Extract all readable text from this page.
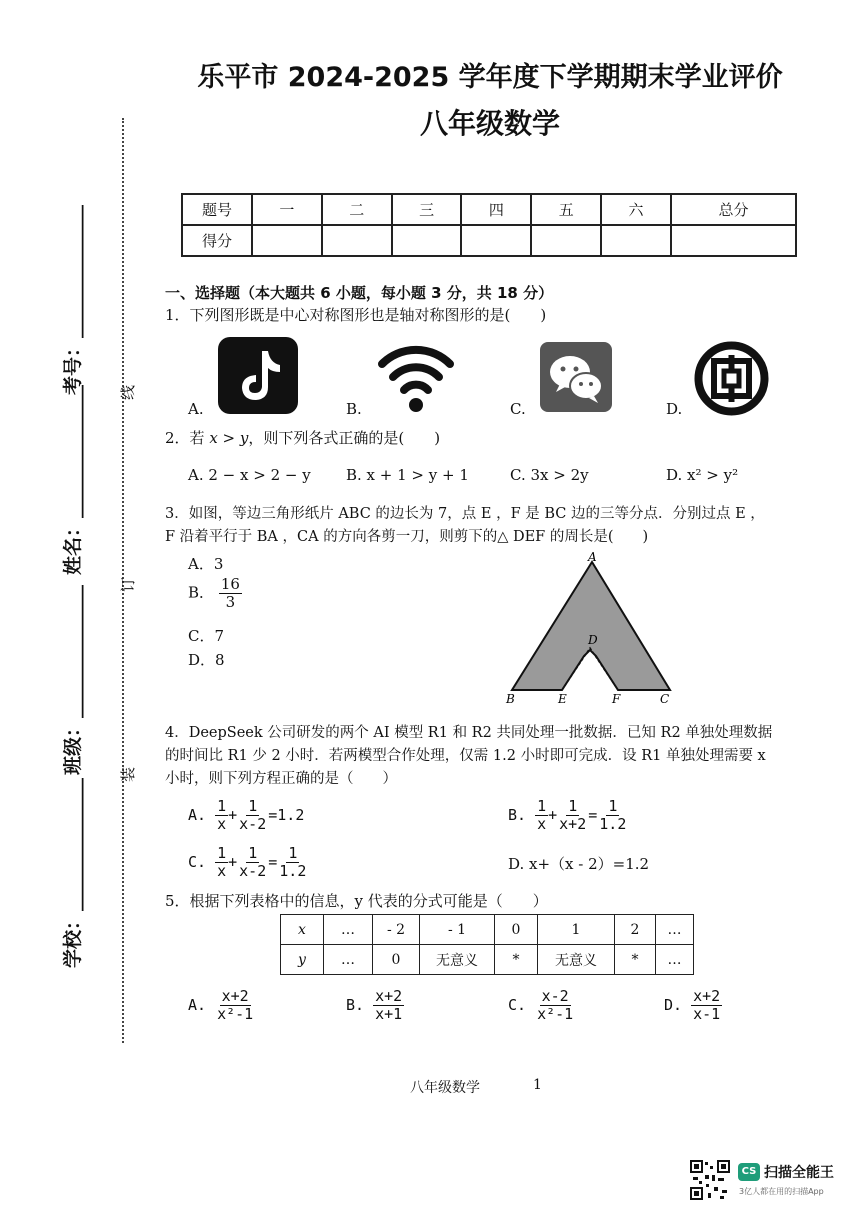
乐平市 2024-2025 学年度下学期期末学业评价
八年级数学
学校：______________
班级：______________
姓名：______________
考号：______________
装
订
线
题号	一	二	三	四	五	六	总分
得分							
一、选择题（本大题共 6 小题，每小题 3 分，共 18 分）
1．下列图形既是中心对称图形也是轴对称图形的是(　　)
A.	B.	C.	D.
2．若 x > y，则下列各式正确的是(　　)
A. 2 − x > 2 − y B. x + 1 > y + 1	C. 3x > 2y	D. x² > y²
3．如图，等边三角形纸片 ABC 的边长为 7，点 E ，F 是 BC 边的三等分点．分别过点 E ，
F 沿着平行于 BA ，CA 的方向各剪一刀，则剪下的△ DEF 的周长是(　　)
A．3
B． $\frac{16}{3}$
C．7
D．8
A
B	C
D
E	F
4．DeepSeek 公司研发的两个 AI 模型 R1 和 R2 共同处理一批数据．已知 R2 单独处理数据
的时间比 R1 少 2 小时．若两模型合作处理，仅需 1.2 小时即可完成．设 R1 单独处理需要 x
小时，则下列方程正确的是（　　）
A. $\frac{1}{x} + \frac{1}{x-2} =1.2$	B. $\frac{1}{x} + \frac{1}{x+2} = \frac{1}{1.2}$
C. $\frac{1}{x} + \frac{1}{x-2} = \frac{1}{1.2}$	D. x+（x - 2）=1.2
5．根据下列表格中的信息，y 代表的分式可能是（　　）
x	…	- 2	- 1	0	1	2	…
y	…	0	无意义	*	无意义	*	…
A. $\frac{x+2}{\text{x²-1}}$	B. $\frac{x+2}{x+1}$	C. $\frac{x-2}{\text{x²-1}}$	D. $\frac{x+2}{x-1}$
八年级数学	1
CS 扫描全能王
3亿人都在用的扫描App
